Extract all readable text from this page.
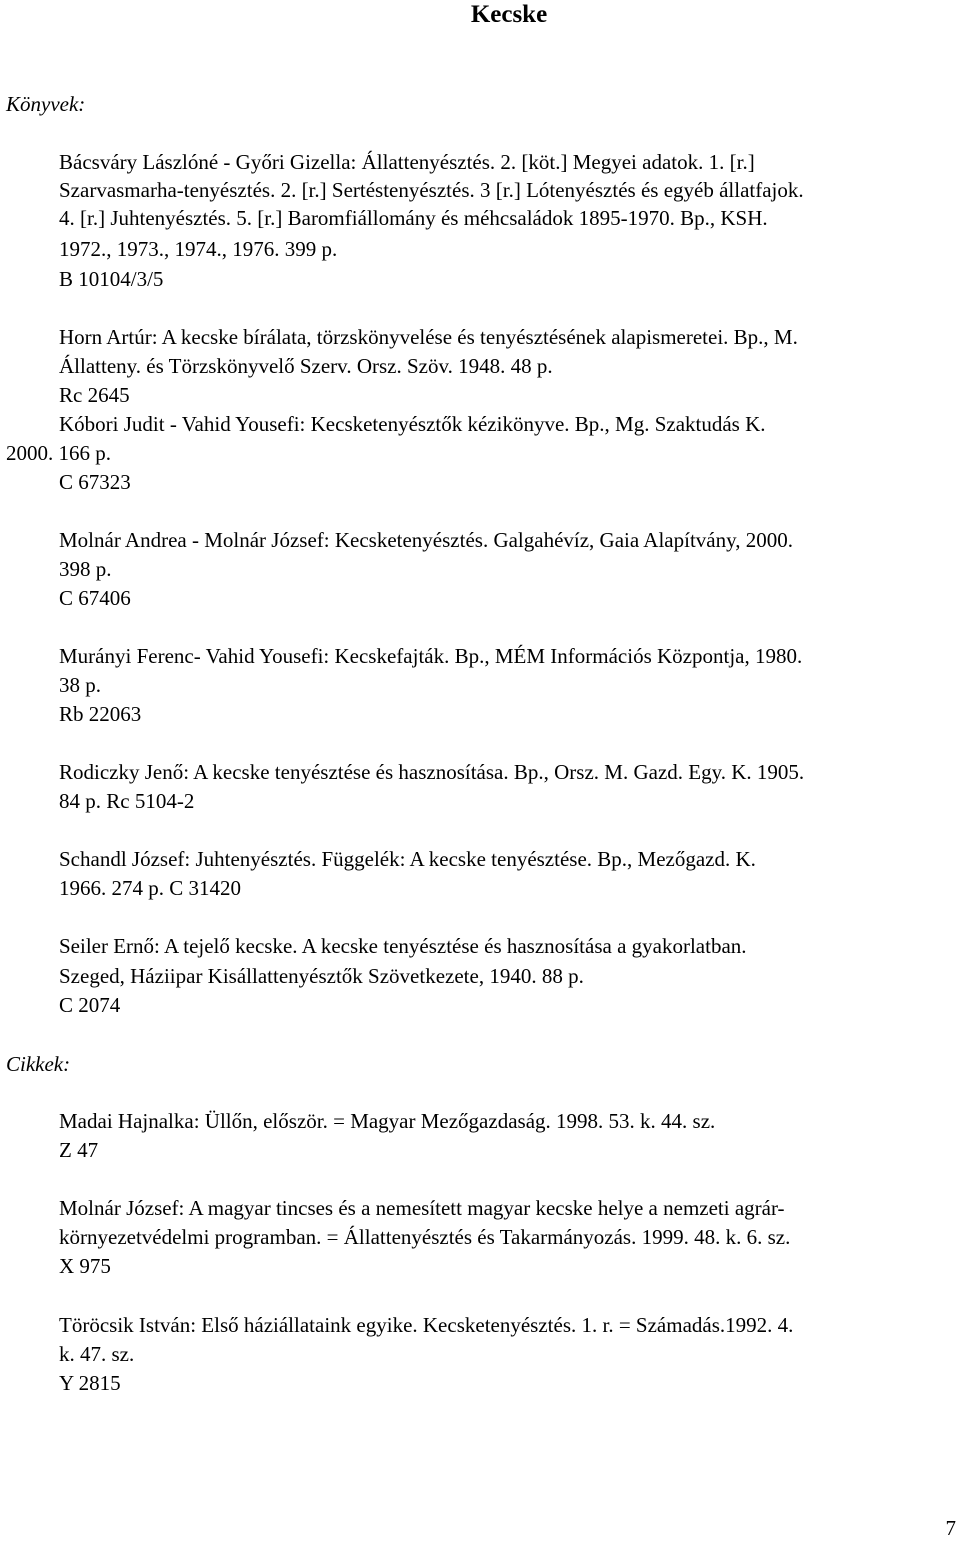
Kecske
Könyvek:
Bácsváry Lászlóné - Győri Gizella: Állattenyésztés. 2. [köt.] Megyei adatok. 1. [r.]
Szarvasmarha-tenyésztés. 2. [r.] Sertéstenyésztés. 3 [r.] Lótenyésztés és egyéb állatfajok.
4. [r.] Juhtenyésztés. 5. [r.] Baromfiállomány és méhcsaládok 1895-1970. Bp., KSH.
1972., 1973., 1974., 1976. 399 p.
B 10104/3/5
Horn Artúr: A kecske bírálata, törzskönyvelése és tenyésztésének alapismeretei. Bp., M.
Állatteny. és Törzskönyvelő Szerv. Orsz. Szöv. 1948. 48 p.
Rc 2645
Kóbori Judit - Vahid Yousefi: Kecsketenyésztők kézikönyve. Bp., Mg. Szaktudás K.
2000. 166 p.
C 67323
Molnár Andrea - Molnár József: Kecsketenyésztés. Galgahévíz, Gaia Alapítvány, 2000.
398 p.
C 67406
Murányi Ferenc- Vahid Yousefi: Kecskefajták. Bp., MÉM Információs Központja, 1980.
38 p.
Rb 22063
Rodiczky Jenő: A kecske tenyésztése és hasznosítása. Bp., Orsz. M. Gazd. Egy. K. 1905.
84 p. Rc 5104-2
Schandl József: Juhtenyésztés. Függelék: A kecske tenyésztése. Bp., Mezőgazd. K.
1966. 274 p. C 31420
Seiler Ernő: A tejelő kecske. A kecske tenyésztése és hasznosítása a gyakorlatban.
Szeged, Háziipar Kisállattenyésztők Szövetkezete, 1940. 88 p.
C 2074
Cikkek:
Madai Hajnalka: Üllőn, először. = Magyar Mezőgazdaság. 1998. 53. k. 44. sz.
Z 47
Molnár József: A magyar tincses és a nemesített magyar kecske helye a nemzeti agrár-
környezetvédelmi programban. = Állattenyésztés és Takarmányozás. 1999. 48. k. 6. sz.
X 975
Töröcsik István: Első háziállataink egyike. Kecsketenyésztés. 1. r. = Számadás.1992. 4.
k. 47. sz.
Y 2815
7
